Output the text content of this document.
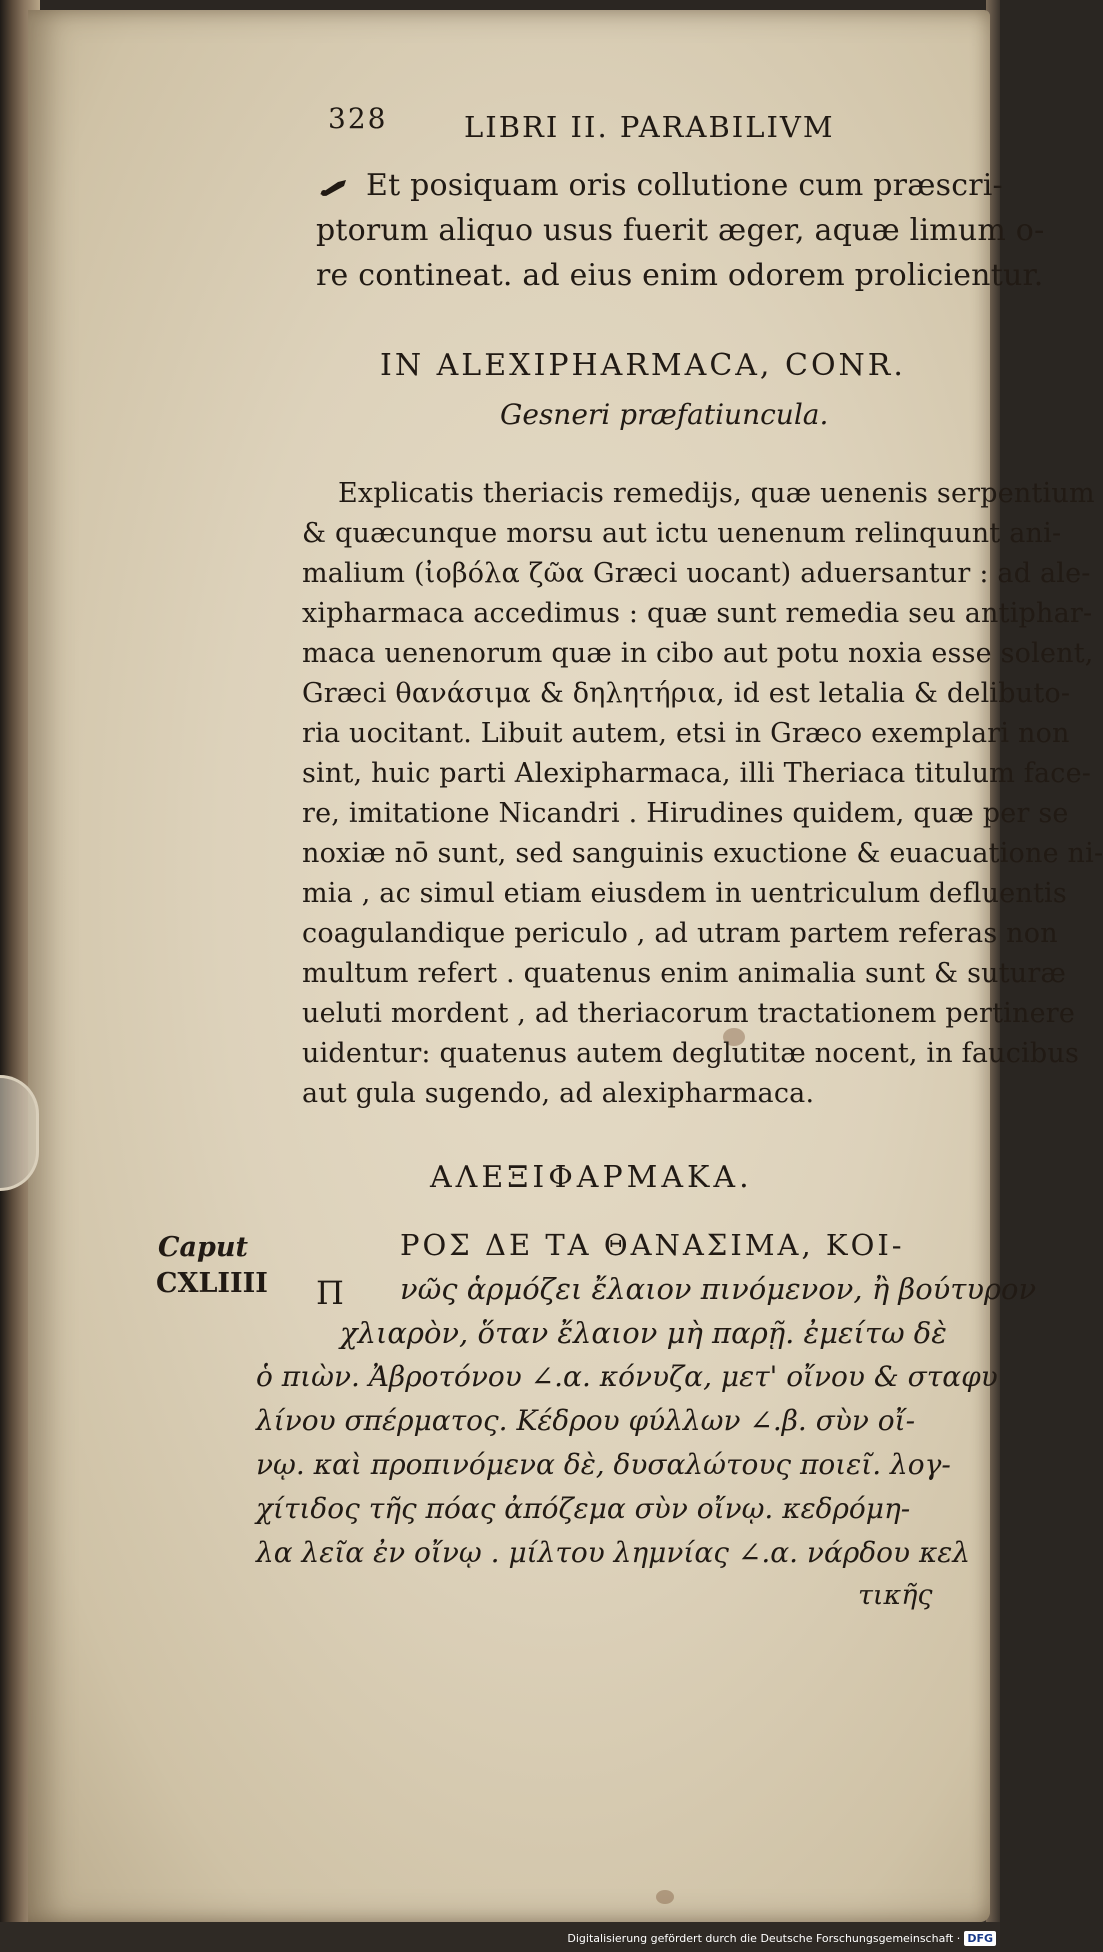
328	LIBRI II. PARABILIVM
Et posiquam oris collutione cum præscri-
ptorum aliquo usus fuerit æger, aquæ limum o-
re contineat. ad eius enim odorem prolicientur.
IN ALEXIPHARMACA, CONR.
Gesneri præfatiuncula.
Explicatis theriacis remedijs, quæ uenenis serpentium
& quæcunque morsu aut ictu uenenum relinquunt ani-
malium (ἰοβόλα ζῶα Græci uocant) aduersantur : ad ale-
xipharmaca accedimus : quæ sunt remedia seu antiphar-
maca uenenorum quæ in cibo aut potu noxia esse solent,
Græci θανάσιμα & δηλητήρια, id est letalia & delibuto-
ria uocitant. Libuit autem, etsi in Græco exemplari non
sint, huic parti Alexipharmaca, illi Theriaca titulum face-
re, imitatione Nicandri . Hirudines quidem, quæ per se
noxiæ nō sunt, sed sanguinis exuctione & euacuatione ni-
mia , ac simul etiam eiusdem in uentriculum defluentis
coagulandique periculo , ad utram partem referas non
multum refert . quatenus enim animalia sunt & suturæ
ueluti mordent , ad theriacorum tractationem pertinere
uidentur: quatenus autem deglutitæ nocent, in faucibus
aut gula sugendo, ad alexipharmaca.
ΑΛΕΞΙΦΑΡΜΑΚΑ.
Caput
CXLIIII Π
ΡΟΣ ΔΕ ΤΑ ΘΑΝΑΣΙΜΑ, ΚΟΙ-
νῶς ἁρμόζει ἔλαιον πινόμενον, ἢ βούτυρον
χλιαρὸν, ὅταν ἔλαιον μὴ παρῇ. ἐμείτω δὲ
ὁ πιὼν. Ἀβροτόνου ∠.α. κόνυζα, μετ' οἴνου & σταφυ
λίνου σπέρματος. Κέδρου φύλλων ∠.β. σὺν οἴ-
νῳ. καὶ προπινόμενα δὲ, δυσαλώτους ποιεῖ. λογ-
χίτιδος τῆς πόας ἀπόζεμα σὺν οἴνῳ. κεδρόμη-
λα λεῖα ἐν οἴνῳ . μίλτου λημνίας ∠.α. νάρδου κελ
τικῆς
Digitalisierung gefördert durch die Deutsche Forschungsgemeinschaft · DFG
